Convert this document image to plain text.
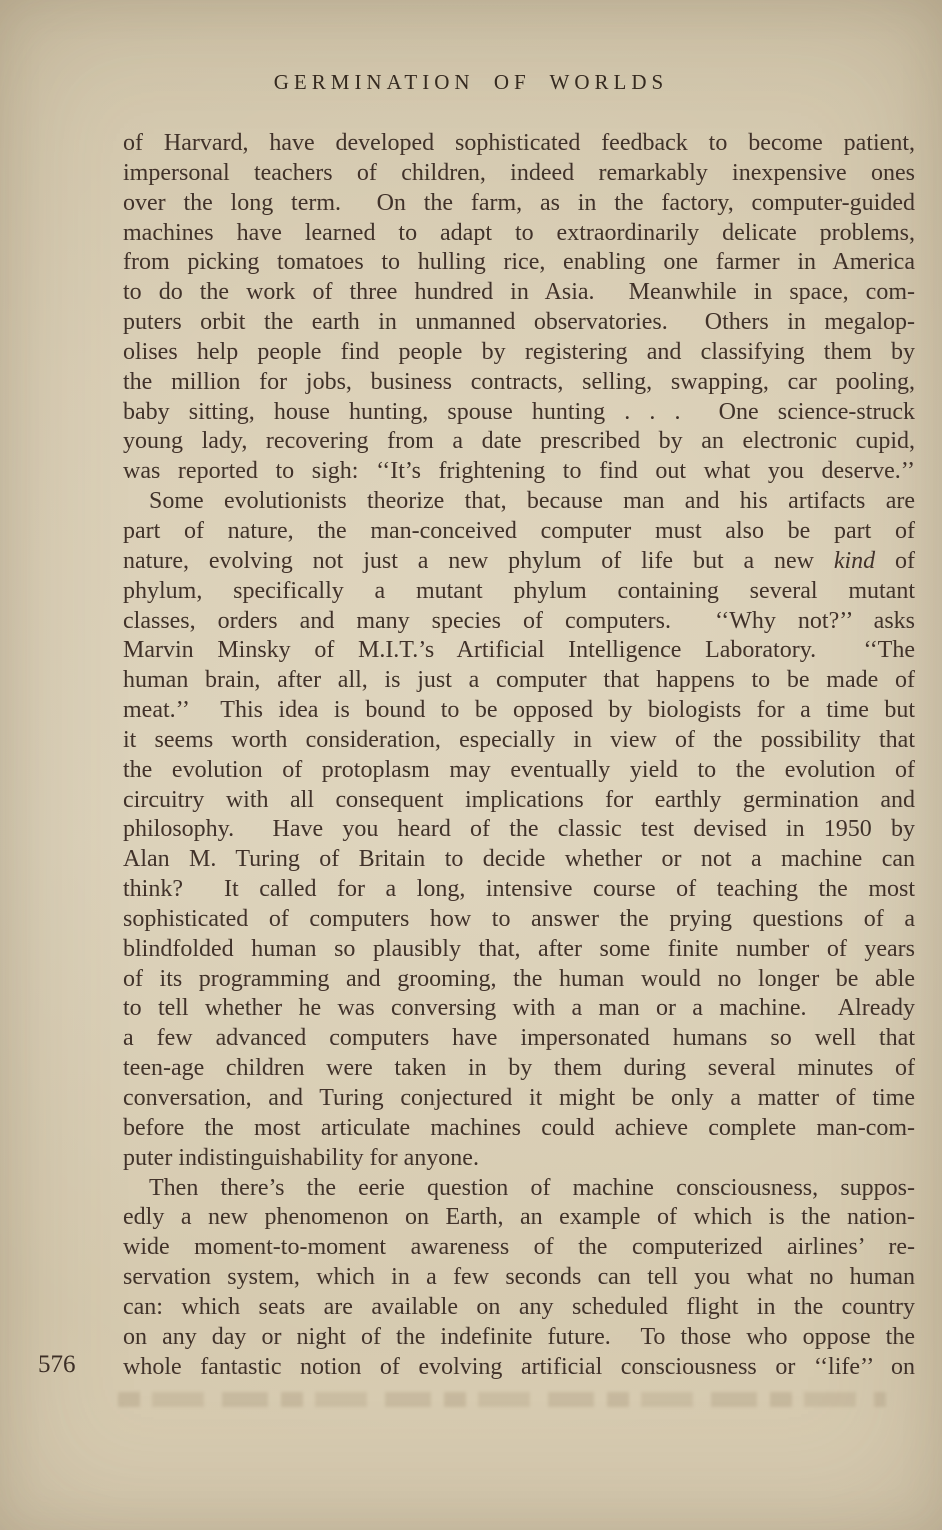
GERMINATION OF WORLDS
of Harvard, have developed sophisticated feedback to become patient,
impersonal teachers of children, indeed remarkably inexpensive ones
over the long term.  On the farm, as in the factory, computer-guided
machines have learned to adapt to extraordinarily delicate problems,
from picking tomatoes to hulling rice, enabling one farmer in America
to do the work of three hundred in Asia.  Meanwhile in space, com-
puters orbit the earth in unmanned observatories.  Others in megalop-
olises help people find people by registering and classifying them by
the million for jobs, business contracts, selling, swapping, car pooling,
baby sitting, house hunting, spouse hunting . . .  One science-struck
young lady, recovering from a date prescribed by an electronic cupid,
was reported to sigh: ‘‘It’s frightening to find out what you deserve.’’
Some evolutionists theorize that, because man and his artifacts are
part of nature, the man-conceived computer must also be part of
nature, evolving not just a new phylum of life but a new kind of
phylum, specifically a mutant phylum containing several mutant
classes, orders and many species of computers.  ‘‘Why not?’’ asks
Marvin Minsky of M.I.T.’s Artificial Intelligence Laboratory.  ‘‘The
human brain, after all, is just a computer that happens to be made of
meat.’’  This idea is bound to be opposed by biologists for a time but
it seems worth consideration, especially in view of the possibility that
the evolution of protoplasm may eventually yield to the evolution of
circuitry with all consequent implications for earthly germination and
philosophy.  Have you heard of the classic test devised in 1950 by
Alan M. Turing of Britain to decide whether or not a machine can
think?  It called for a long, intensive course of teaching the most
sophisticated of computers how to answer the prying questions of a
blindfolded human so plausibly that, after some finite number of years
of its programming and grooming, the human would no longer be able
to tell whether he was conversing with a man or a machine.  Already
a few advanced computers have impersonated humans so well that
teen-age children were taken in by them during several minutes of
conversation, and Turing conjectured it might be only a matter of time
before the most articulate machines could achieve complete man-com-
puter indistinguishability for anyone.
Then there’s the eerie question of machine consciousness, suppos-
edly a new phenomenon on Earth, an example of which is the nation-
wide moment-to-moment awareness of the computerized airlines’ re-
servation system, which in a few seconds can tell you what no human
can: which seats are available on any scheduled flight in the country
on any day or night of the indefinite future.  To those who oppose the
whole fantastic notion of evolving artificial consciousness or ‘‘life’’ on
576
